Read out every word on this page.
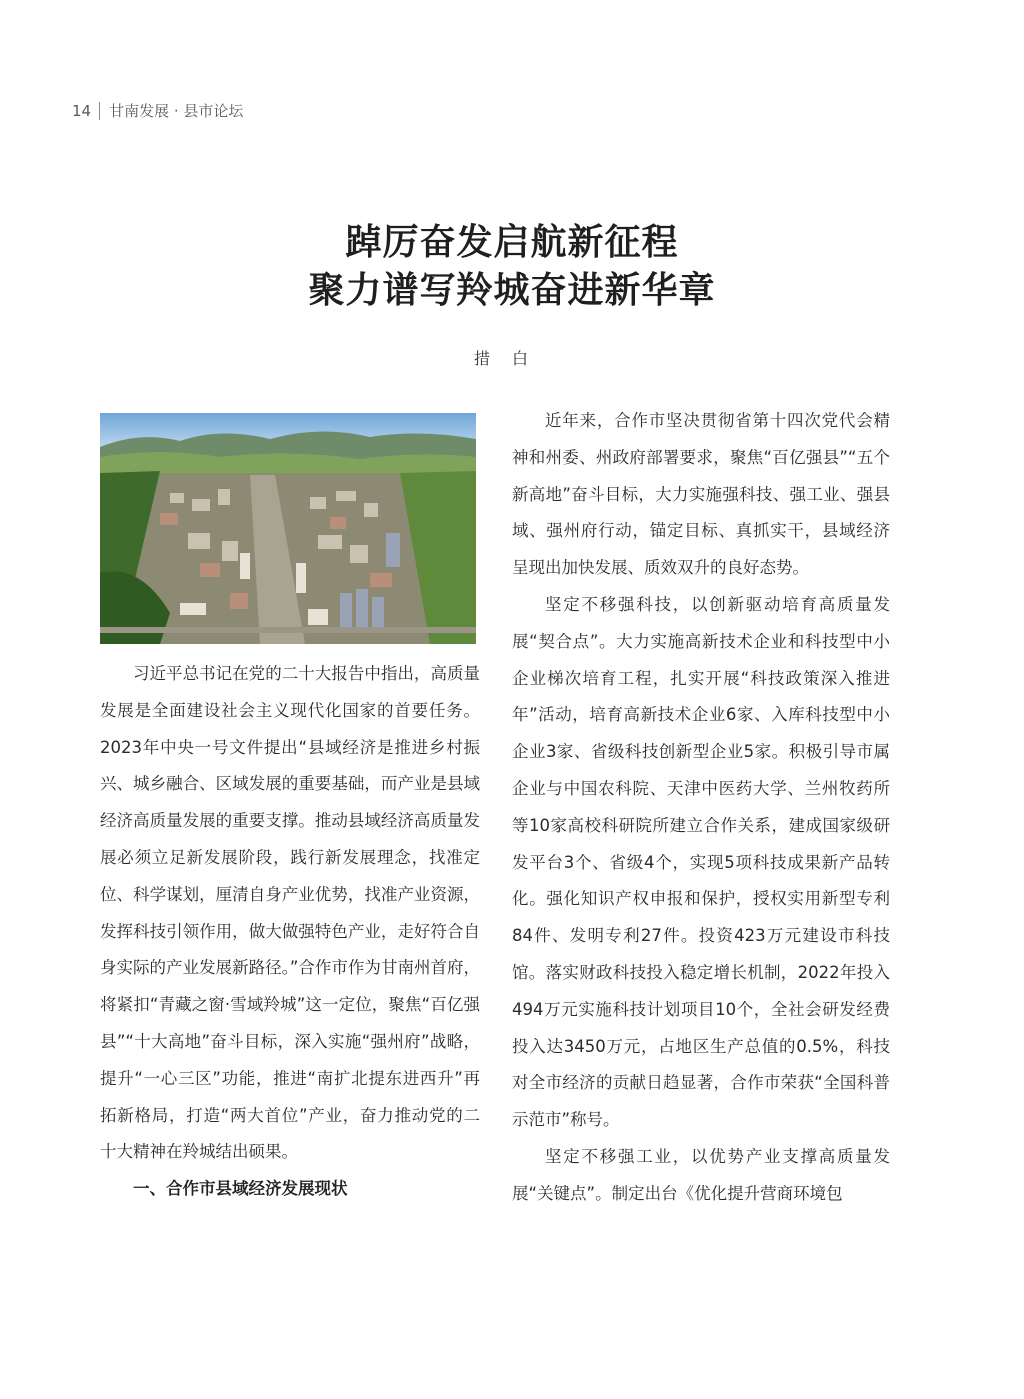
14 甘南发展 · 县市论坛
踔厉奋发启航新征程
聚力谱写羚城奋进新华章
措白

习近平总书记在党的二十大报告中指出，高质量发展是全面建设社会主义现代化国家的首要任务。2023年中央一号文件提出“县域经济是推进乡村振兴、城乡融合、区域发展的重要基础，而产业是县域经济高质量发展的重要支撑。推动县域经济高质量发展必须立足新发展阶段，践行新发展理念，找准定位、科学谋划，厘清自身产业优势，找准产业资源，发挥科技引领作用，做大做强特色产业，走好符合自身实际的产业发展新路径。”合作市作为甘南州首府，将紧扣“青藏之窗·雪域羚城”这一定位，聚焦“百亿强县”“十大高地”奋斗目标，深入实施“强州府”战略，提升“一心三区”功能，推进“南扩北提东进西升”再拓新格局，打造“两大首位”产业，奋力推动党的二十大精神在羚城结出硕果。

一、合作市县域经济发展现状

近年来，合作市坚决贯彻省第十四次党代会精神和州委、州政府部署要求，聚焦“百亿强县”“五个新高地”奋斗目标，大力实施强科技、强工业、强县域、强州府行动，锚定目标、真抓实干，县域经济呈现出加快发展、质效双升的良好态势。

坚定不移强科技，以创新驱动培育高质量发展“契合点”。大力实施高新技术企业和科技型中小企业梯次培育工程，扎实开展“科技政策深入推进年”活动，培育高新技术企业6家、入库科技型中小企业3家、省级科技创新型企业5家。积极引导市属企业与中国农科院、天津中医药大学、兰州牧药所等10家高校科研院所建立合作关系，建成国家级研发平台3个、省级4个，实现5项科技成果新产品转化。强化知识产权申报和保护，授权实用新型专利84件、发明专利27件。投资423万元建设市科技馆。落实财政科技投入稳定增长机制，2022年投入494万元实施科技计划项目10个，全社会研发经费投入达3450万元，占地区生产总值的0.5%，科技对全市经济的贡献日趋显著，合作市荣获“全国科普示范市”称号。

坚定不移强工业，以优势产业支撑高质量发展“关键点”。制定出台《优化提升营商环境包
